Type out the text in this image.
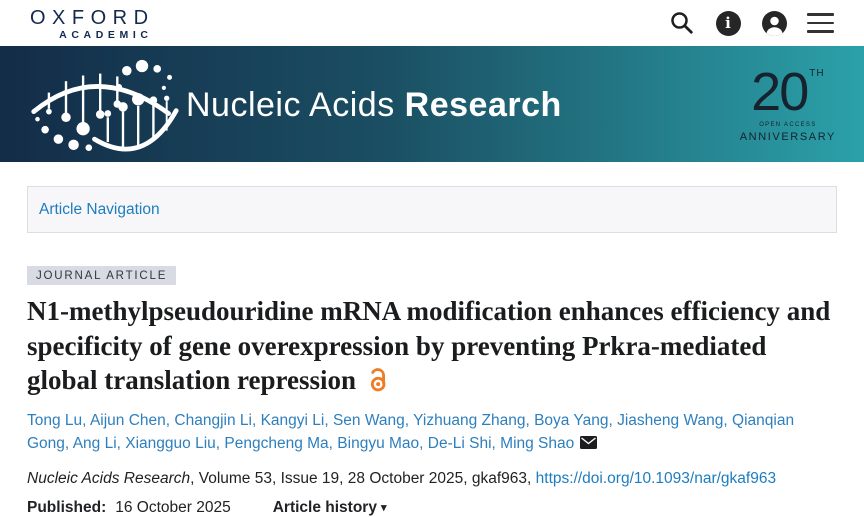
OXFORD
ACADEMIC
i
Nucleic Acids Research	20 TH
OPEN ACCESS
ANNIVERSARY
Article Navigation
JOURNAL ARTICLE
N1-methylpseudouridine mRNA modification enhances efficiency and specificity of gene overexpression by preventing Prkra-mediated global translation repression
Tong Lu , Aijun Chen , Changjin Li , Kangyi Li , Sen Wang , Yizhuang Zhang , Boya Yang , Jiasheng Wang , Qianqian Gong , Ang Li , Xiangguo Liu , Pengcheng Ma , Bingyu Mao , De-Li Shi , Ming Shao
Nucleic Acids Research, Volume 53, Issue 19, 28 October 2025, gkaf963, https://doi.org/10.1093/nar/gkaf963
Published: 16 October 2025	Article history ▾
